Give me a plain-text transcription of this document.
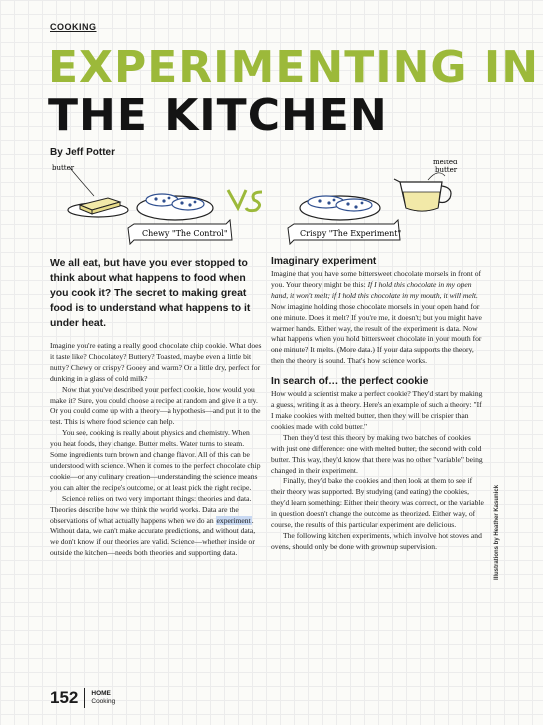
COOKING
EXPERIMENTING IN
THE KITCHEN
By Jeff Potter
butter	VS
melted
butter
Chewy "The Control"	Crispy "The Experiment"

We all eat, but have you ever stopped to think about what happens to food when you cook it? The secret to making great food is to understand what happens to it under heat.

Imagine you're eating a really good chocolate chip cookie. What does it taste like? Chocolatey? Buttery? Toasted, maybe even a little bit nutty? Chewy or crispy? Gooey and warm? Or a little dry, perfect for dunking in a glass of cold milk?

Now that you've described your perfect cookie, how would you make it? Sure, you could choose a recipe at random and give it a try. Or you could come up with a theory—a hypothesis—and put it to the test. This is where food science can help.

You see, cooking is really about physics and chemistry. When you heat foods, they change. Butter melts. Water turns to steam. Some ingredients turn brown and change flavor. All of this can be understood with science. When it comes to the perfect chocolate chip cookie—or any culinary creation—understanding the science means you can alter the recipe's outcome, or at least pick the right recipe.

Science relies on two very important things: theories and data. Theories describe how we think the world works. Data are the observations of what actually happens when we do an experiment. Without data, we can't make accurate predictions, and without data, we don't know if our theories are valid. Science—whether inside or outside the kitchen—needs both theories and supporting data.

Imaginary experiment

Imagine that you have some bittersweet chocolate morsels in front of you. Your theory might be this: If I hold this chocolate in my open hand, it won't melt; if I hold this chocolate in my mouth, it will melt. Now imagine holding those chocolate morsels in your open hand for one minute. Does it melt? If you're me, it doesn't; but you might have warmer hands. Either way, the result of the experiment is data. Now what happens when you hold bittersweet chocolate in your mouth for one minute? It melts. (More data.) If your data supports the theory, then the theory is sound. That's how science works.

In search of… the perfect cookie

How would a scientist make a perfect cookie? They'd start by making a guess, writing it as a theory. Here's an example of such a theory: "If I make cookies with melted butter, then they will be crispier than cookies made with cold butter."

Then they'd test this theory by making two batches of cookies with just one difference: one with melted butter, the second with cold butter. This way, they'd know that there was no other "variable" being changed in their experiment.

Finally, they'd bake the cookies and then look at them to see if their theory was supported. By studying (and eating) the cookies, they'd learn something: Either their theory was correct, or the variable in question doesn't change the outcome as theorized. Either way, of course, the results of this particular experiment are delicious.

The following kitchen experiments, which involve hot stoves and ovens, should only be done with grownup supervision.	Illustrations by Heather Kasunick
152 HOME
Cooking
